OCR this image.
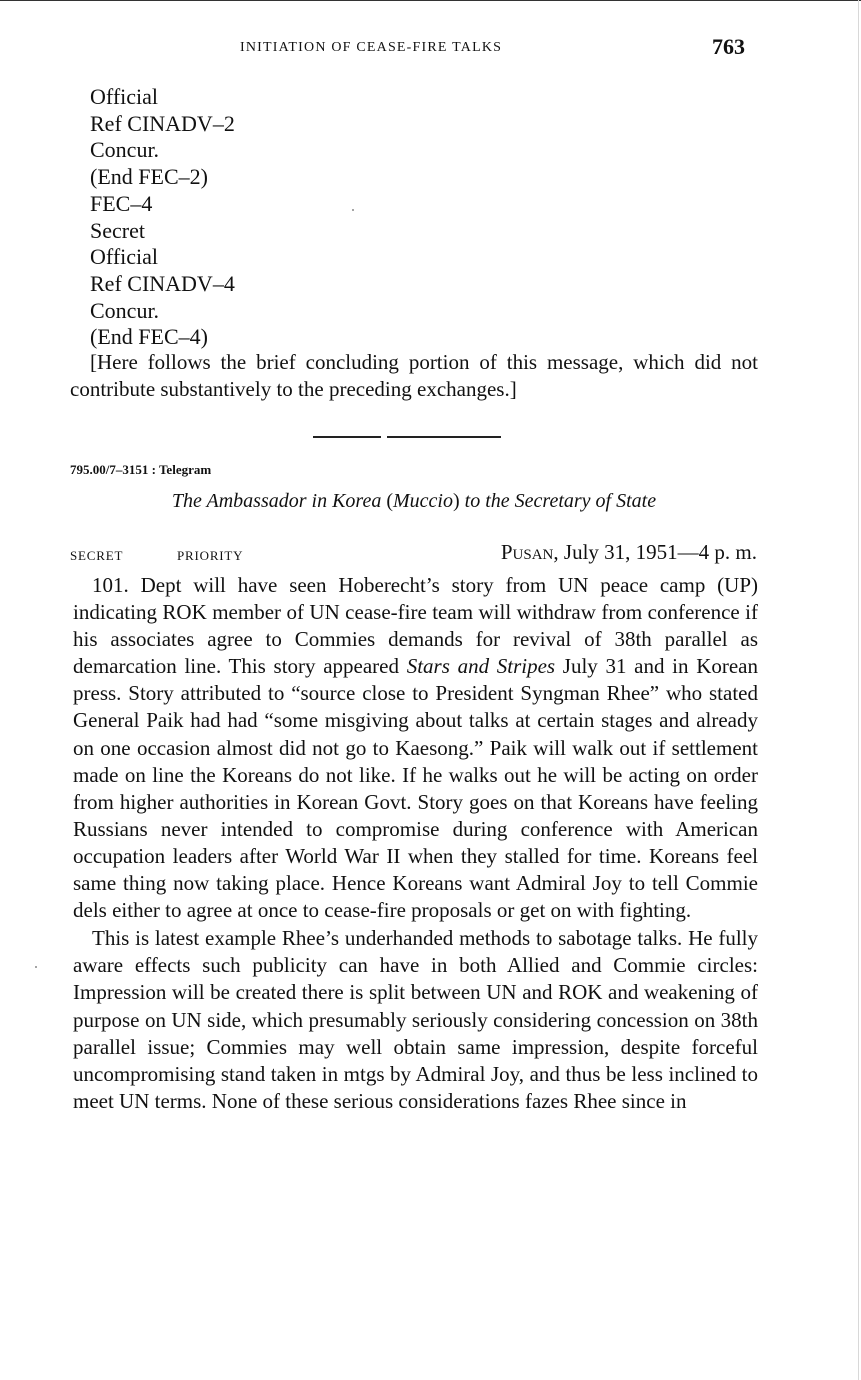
INITIATION OF CEASE-FIRE TALKS	763
Official
Ref CINADV–2
Concur.
(End FEC–2)
FEC–4
Secret
Official
Ref CINADV–4
Concur.
(End FEC–4)

[Here follows the brief concluding portion of this message, which did not contribute substantively to the preceding exchanges.]

795.00/7–3151 : Telegram
The Ambassador in Korea (Muccio) to the Secretary of State
SECRET	PRIORITY	Pusan, July 31, 1951—4 p. m.

101. Dept will have seen Hoberecht’s story from UN peace camp (UP) indicating ROK member of UN cease-fire team will withdraw from conference if his associates agree to Commies demands for revival of 38th parallel as demarcation line. This story appeared Stars and Stripes July 31 and in Korean press. Story attributed to “source close to President Syngman Rhee” who stated General Paik had had “some misgiving about talks at certain stages and already on one occasion almost did not go to Kaesong.” Paik will walk out if settlement made on line the Koreans do not like. If he walks out he will be acting on order from higher authorities in Korean Govt. Story goes on that Koreans have feeling Russians never intended to compromise during conference with American occupation leaders after World War II when they stalled for time. Koreans feel same thing now taking place. Hence Koreans want Admiral Joy to tell Commie dels either to agree at once to cease-fire proposals or get on with fighting.

This is latest example Rhee’s underhanded methods to sabotage talks. He fully aware effects such publicity can have in both Allied and Commie circles: Impression will be created there is split between UN and ROK and weakening of purpose on UN side, which presumably seriously considering concession on 38th parallel issue; Commies may well obtain same impression, despite forceful uncompromising stand taken in mtgs by Admiral Joy, and thus be less inclined to meet UN terms. None of these serious considerations fazes Rhee since in
